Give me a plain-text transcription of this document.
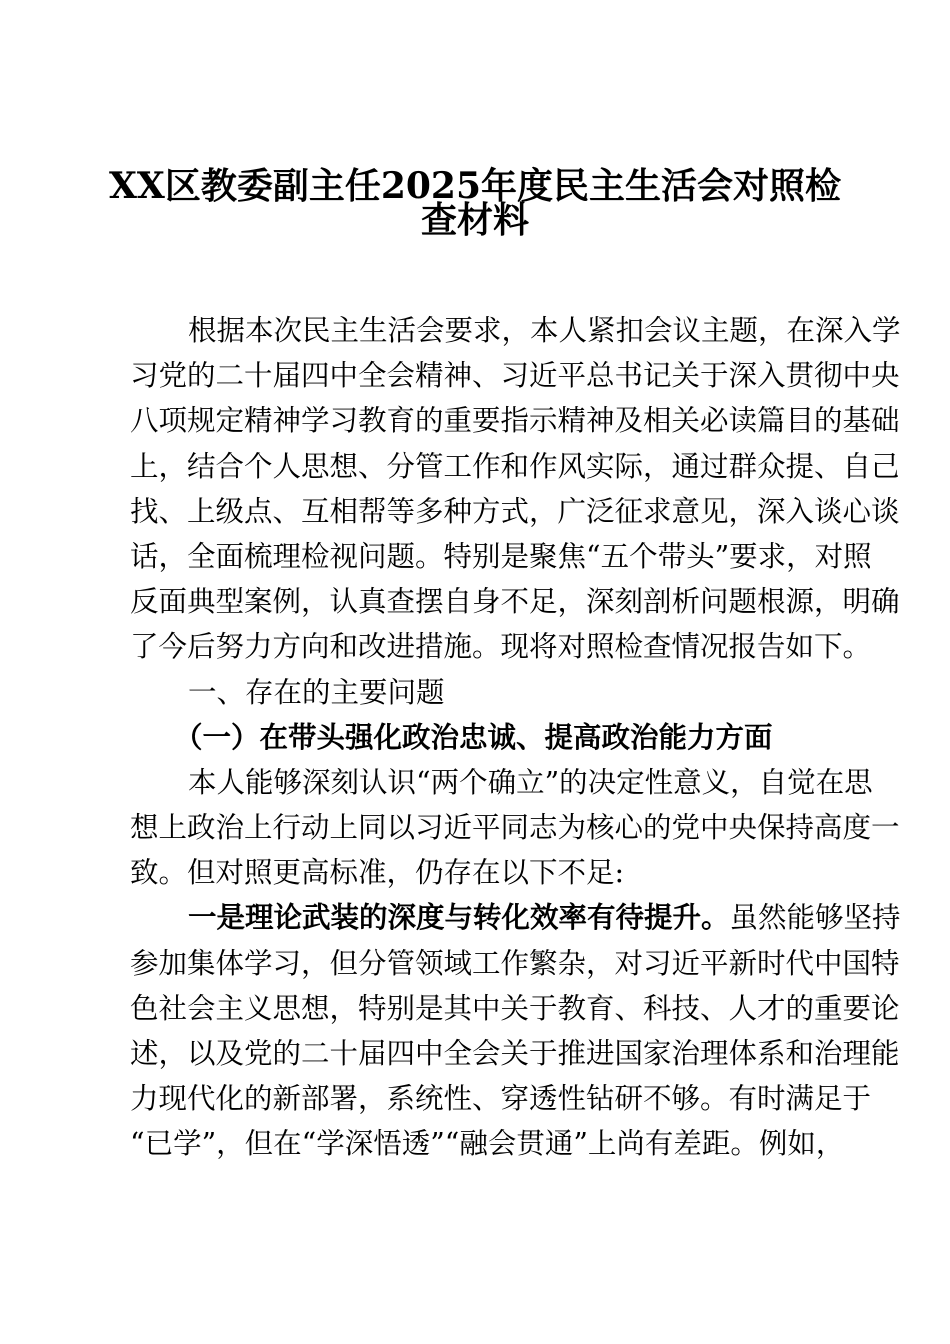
XX区教委副主任2025年度民主生活会对照检
查材料
根据本次民主生活会要求，本人紧扣会议主题，在深入学
习党的二十届四中全会精神、习近平总书记关于深入贯彻中央
八项规定精神学习教育的重要指示精神及相关必读篇目的基础
上，结合个人思想、分管工作和作风实际，通过群众提、自己
找、上级点、互相帮等多种方式，广泛征求意见，深入谈心谈
话，全面梳理检视问题。特别是聚焦“五个带头”要求，对照
反面典型案例，认真查摆自身不足，深刻剖析问题根源，明确
了今后努力方向和改进措施。现将对照检查情况报告如下。
一、存在的主要问题
（一）在带头强化政治忠诚、提高政治能力方面
本人能够深刻认识“两个确立”的决定性意义，自觉在思
想上政治上行动上同以习近平同志为核心的党中央保持高度一
致。但对照更高标准，仍存在以下不足:
一是理论武装的深度与转化效率有待提升。虽然能够坚持
参加集体学习，但分管领域工作繁杂，对习近平新时代中国特
色社会主义思想，特别是其中关于教育、科技、人才的重要论
述，以及党的二十届四中全会关于推进国家治理体系和治理能
力现代化的新部署，系统性、穿透性钻研不够。有时满足于
“已学”，但在“学深悟透”“融会贯通”上尚有差距。例如，
